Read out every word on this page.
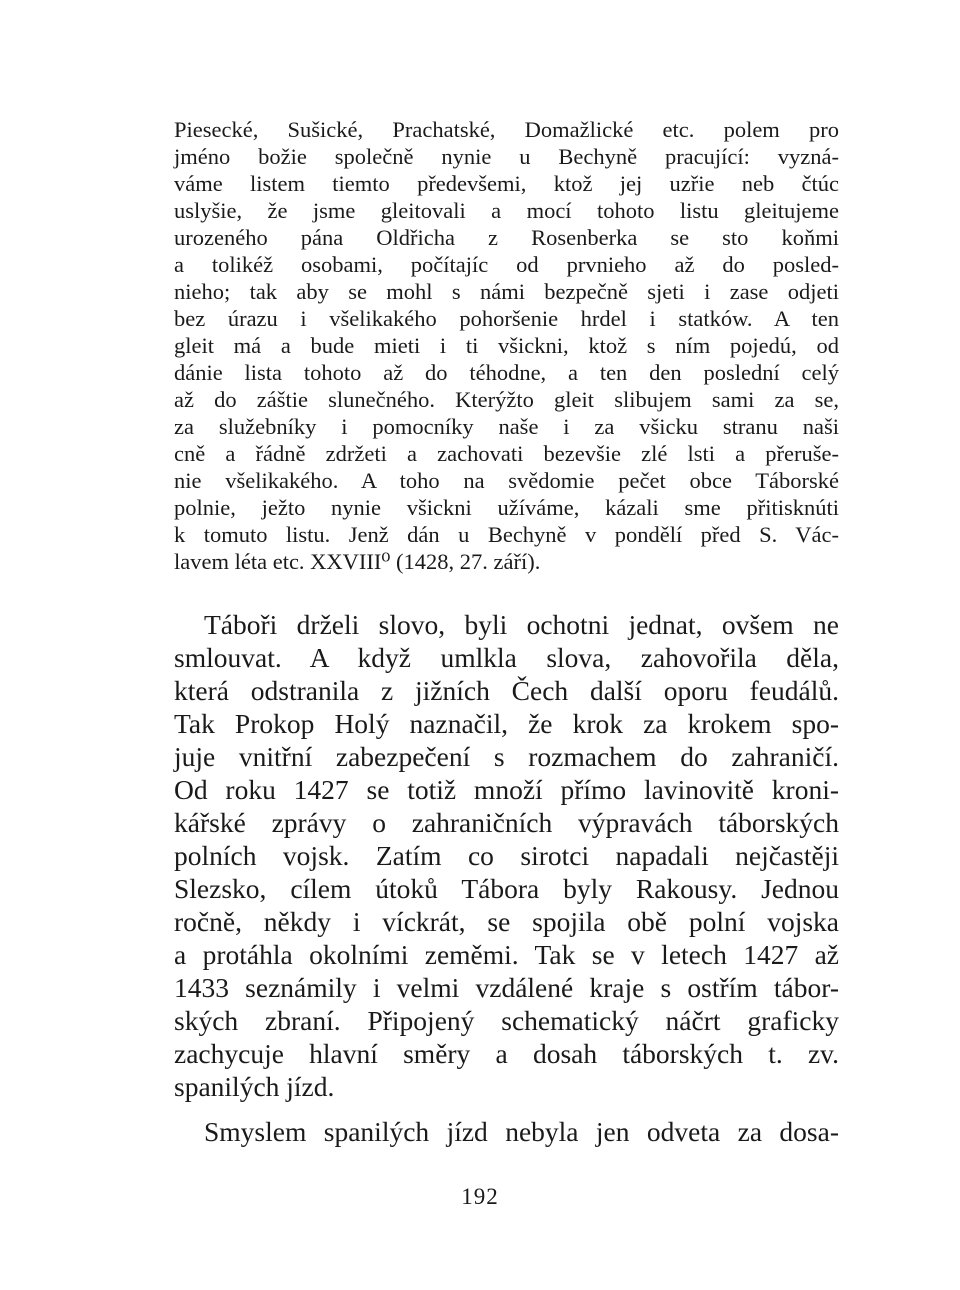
Piesecké, Sušické, Prachatské, Domažlické etc. polem pro
jméno božie společně nynie u Bechyně pracující: vyzná-
váme listem tiemto předevšemi, ktož jej uzřie neb čtúc
uslyšie, že jsme gleitovali a mocí tohoto listu gleitujeme
urozeného pána Oldřicha z Rosenberka se sto koňmi
a tolikéž osobami, počítajíc od prvnieho až do posled-
nieho; tak aby se mohl s námi bezpečně sjeti i zase odjeti
bez úrazu i všelikakého pohoršenie hrdel i statków. A ten
gleit má a bude mieti i ti všickni, ktož s ním pojedú, od
dánie lista tohoto až do téhodne, a ten den poslední celý
až do záštie slunečného. Kterýžto gleit slibujem sami za se,
za služebníky i pomocníky naše i za všicku stranu naši
cně a řádně zdržeti a zachovati bezevšie zlé lsti a přeruše-
nie všelikakého. A toho na svědomie pečet obce Táborské
polnie, ježto nynie všickni užíváme, kázali sme přitisknúti
k tomuto listu. Jenž dán u Bechyně v pondělí před S. Vác-
lavem léta etc. XXVIII⁰ (1428, 27. září).
Táboři drželi slovo, byli ochotni jednat, ovšem ne
smlouvat. A když umlkla slova, zahovořila děla,
která odstranila z jižních Čech další oporu feudálů.
Tak Prokop Holý naznačil, že krok za krokem spo-
juje vnitřní zabezpečení s rozmachem do zahraničí.
Od roku 1427 se totiž množí přímo lavinovitě kroni-
kářské zprávy o zahraničních výpravách táborských
polních vojsk. Zatím co sirotci napadali nejčastěji
Slezsko, cílem útoků Tábora byly Rakousy. Jednou
ročně, někdy i víckrát, se spojila obě polní vojska
a protáhla okolními zeměmi. Tak se v letech 1427 až
1433 seznámily i velmi vzdálené kraje s ostřím tábor-
ských zbraní. Připojený schematický náčrt graficky
zachycuje hlavní směry a dosah táborských t. zv.
spanilých jízd.
Smyslem spanilých jízd nebyla jen odveta za dosa-
192
